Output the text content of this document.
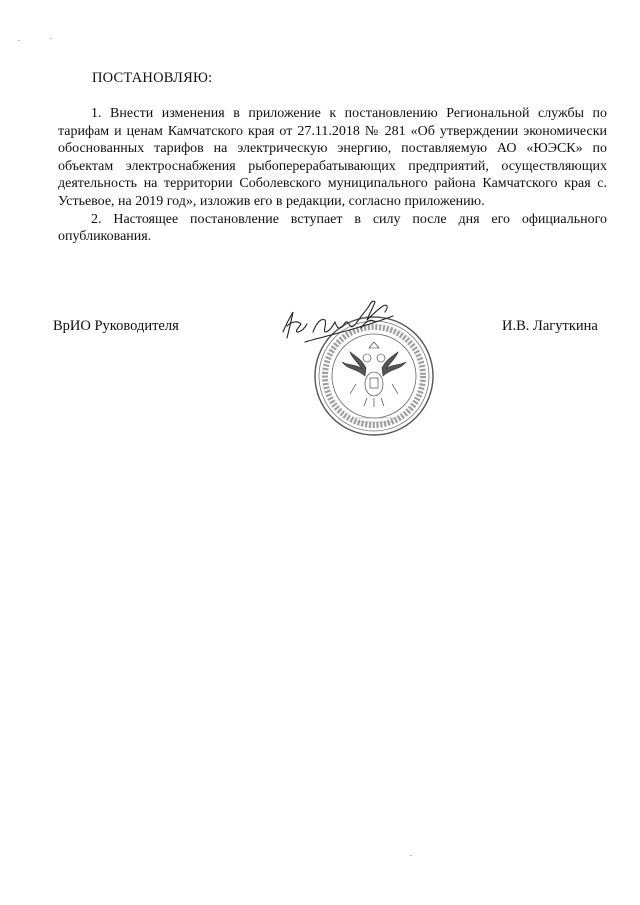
ПОСТАНОВЛЯЮ:

1. Внести изменения в приложение к постановлению Региональной службы по тарифам и ценам Камчатского края от 27.11.2018 № 281 «Об утверждении экономически обоснованных тарифов на электрическую энергию, поставляемую АО «ЮЭСК» по объектам электроснабжения рыбоперерабатывающих предприятий, осуществляющих деятельность на территории Соболевского муниципального района Камчатского края с. Устьевое, на 2019 год», изложив его в редакции, согласно приложению.

2. Настоящее постановление вступает в силу после дня его официального опубликования.

ВрИО Руководителя	И.В. Лагуткина
